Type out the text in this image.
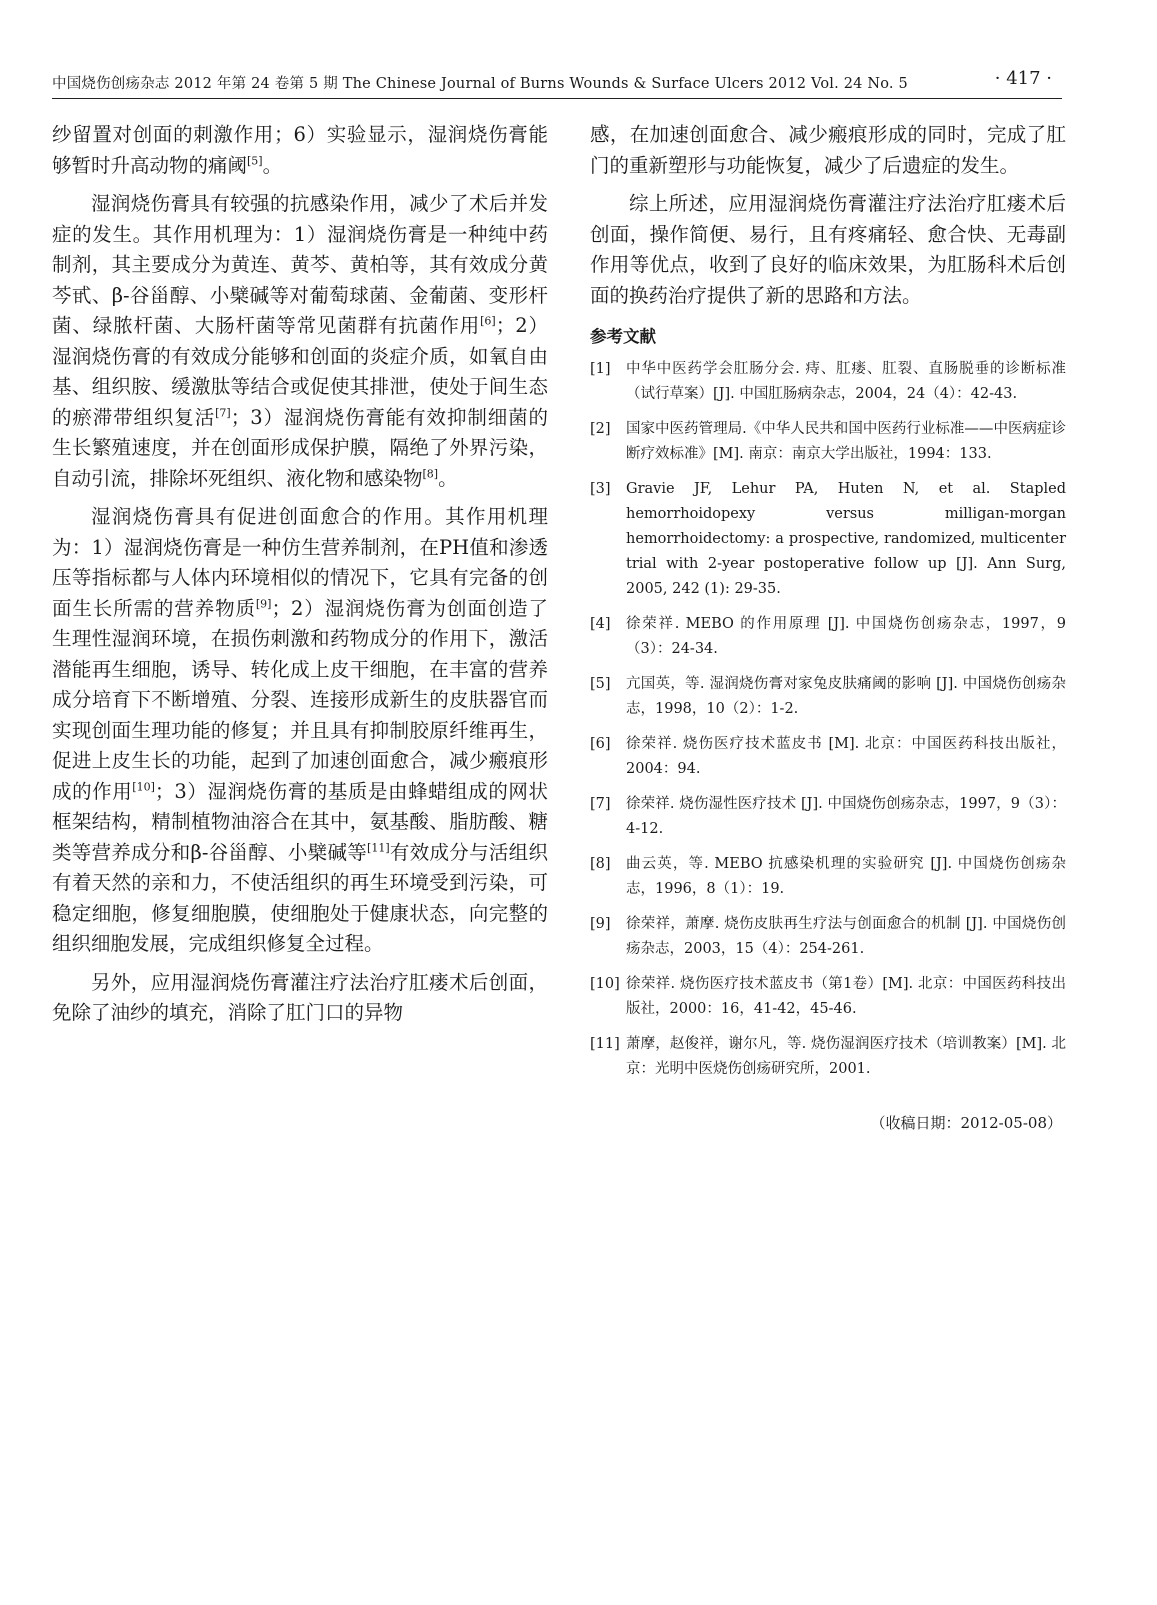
中国烧伤创疡杂志 2012 年第 24 卷第 5 期 The Chinese Journal of Burns Wounds & Surface Ulcers 2012 Vol. 24 No. 5	· 417 ·

纱留置对创面的刺激作用；6）实验显示，湿润烧伤膏能够暂时升高动物的痛阈[5]。

湿润烧伤膏具有较强的抗感染作用，减少了术后并发症的发生。其作用机理为：1）湿润烧伤膏是一种纯中药制剂，其主要成分为黄连、黄芩、黄柏等，其有效成分黄芩甙、β-谷甾醇、小檗碱等对葡萄球菌、金葡菌、变形杆菌、绿脓杆菌、大肠杆菌等常见菌群有抗菌作用[6]；2）湿润烧伤膏的有效成分能够和创面的炎症介质，如氧自由基、组织胺、缓激肽等结合或促使其排泄，使处于间生态的瘀滞带组织复活[7]；3）湿润烧伤膏能有效抑制细菌的生长繁殖速度，并在创面形成保护膜，隔绝了外界污染，自动引流，排除坏死组织、液化物和感染物[8]。

湿润烧伤膏具有促进创面愈合的作用。其作用机理为：1）湿润烧伤膏是一种仿生营养制剂，在PH值和渗透压等指标都与人体内环境相似的情况下，它具有完备的创面生长所需的营养物质[9]；2）湿润烧伤膏为创面创造了生理性湿润环境，在损伤刺激和药物成分的作用下，激活潜能再生细胞，诱导、转化成上皮干细胞，在丰富的营养成分培育下不断增殖、分裂、连接形成新生的皮肤器官而实现创面生理功能的修复；并且具有抑制胶原纤维再生，促进上皮生长的功能，起到了加速创面愈合，减少瘢痕形成的作用[10]；3）湿润烧伤膏的基质是由蜂蜡组成的网状框架结构，精制植物油溶合在其中，氨基酸、脂肪酸、糖类等营养成分和β-谷甾醇、小檗碱等[11]有效成分与活组织有着天然的亲和力，不使活组织的再生环境受到污染，可稳定细胞，修复细胞膜，使细胞处于健康状态，向完整的组织细胞发展，完成组织修复全过程。

另外，应用湿润烧伤膏灌注疗法治疗肛瘘术后创面，免除了油纱的填充，消除了肛门口的异物

感，在加速创面愈合、减少瘢痕形成的同时，完成了肛门的重新塑形与功能恢复，减少了后遗症的发生。

综上所述，应用湿润烧伤膏灌注疗法治疗肛瘘术后创面，操作简便、易行，且有疼痛轻、愈合快、无毒副作用等优点，收到了良好的临床效果，为肛肠科术后创面的换药治疗提供了新的思路和方法。

参考文献
[1]	中华中医药学会肛肠分会. 痔、肛瘘、肛裂、直肠脱垂的诊断标准（试行草案）[J]. 中国肛肠病杂志，2004，24（4）：42-43.
[2]	国家中医药管理局.《中华人民共和国中医药行业标准——中医病症诊断疗效标准》[M]. 南京：南京大学出版社，1994：133.
[3]	Gravie JF, Lehur PA, Huten N, et al. Stapled hemorrhoidopexy versus milligan-morgan hemorrhoidectomy: a prospective, randomized, multicenter trial with 2-year postoperative follow up [J]. Ann Surg, 2005, 242 (1): 29-35.
[4]	徐荣祥. MEBO 的作用原理 [J]. 中国烧伤创疡杂志，1997，9（3）：24-34.
[5]	亢国英，等. 湿润烧伤膏对家兔皮肤痛阈的影响 [J]. 中国烧伤创疡杂志，1998，10（2）：1-2.
[6]	徐荣祥. 烧伤医疗技术蓝皮书 [M]. 北京：中国医药科技出版社，2004：94.
[7]	徐荣祥. 烧伤湿性医疗技术 [J]. 中国烧伤创疡杂志，1997，9（3）：4-12.
[8]	曲云英，等. MEBO 抗感染机理的实验研究 [J]. 中国烧伤创疡杂志，1996，8（1）：19.
[9]	徐荣祥，萧摩. 烧伤皮肤再生疗法与创面愈合的机制 [J]. 中国烧伤创疡杂志，2003，15（4）：254-261.
[10] 徐荣祥. 烧伤医疗技术蓝皮书（第1卷）[M]. 北京：中国医药科技出版社，2000：16，41-42，45-46.
[11] 萧摩，赵俊祥，谢尔凡，等. 烧伤湿润医疗技术（培训教案）[M]. 北京：光明中医烧伤创疡研究所，2001.
（收稿日期：2012-05-08）
